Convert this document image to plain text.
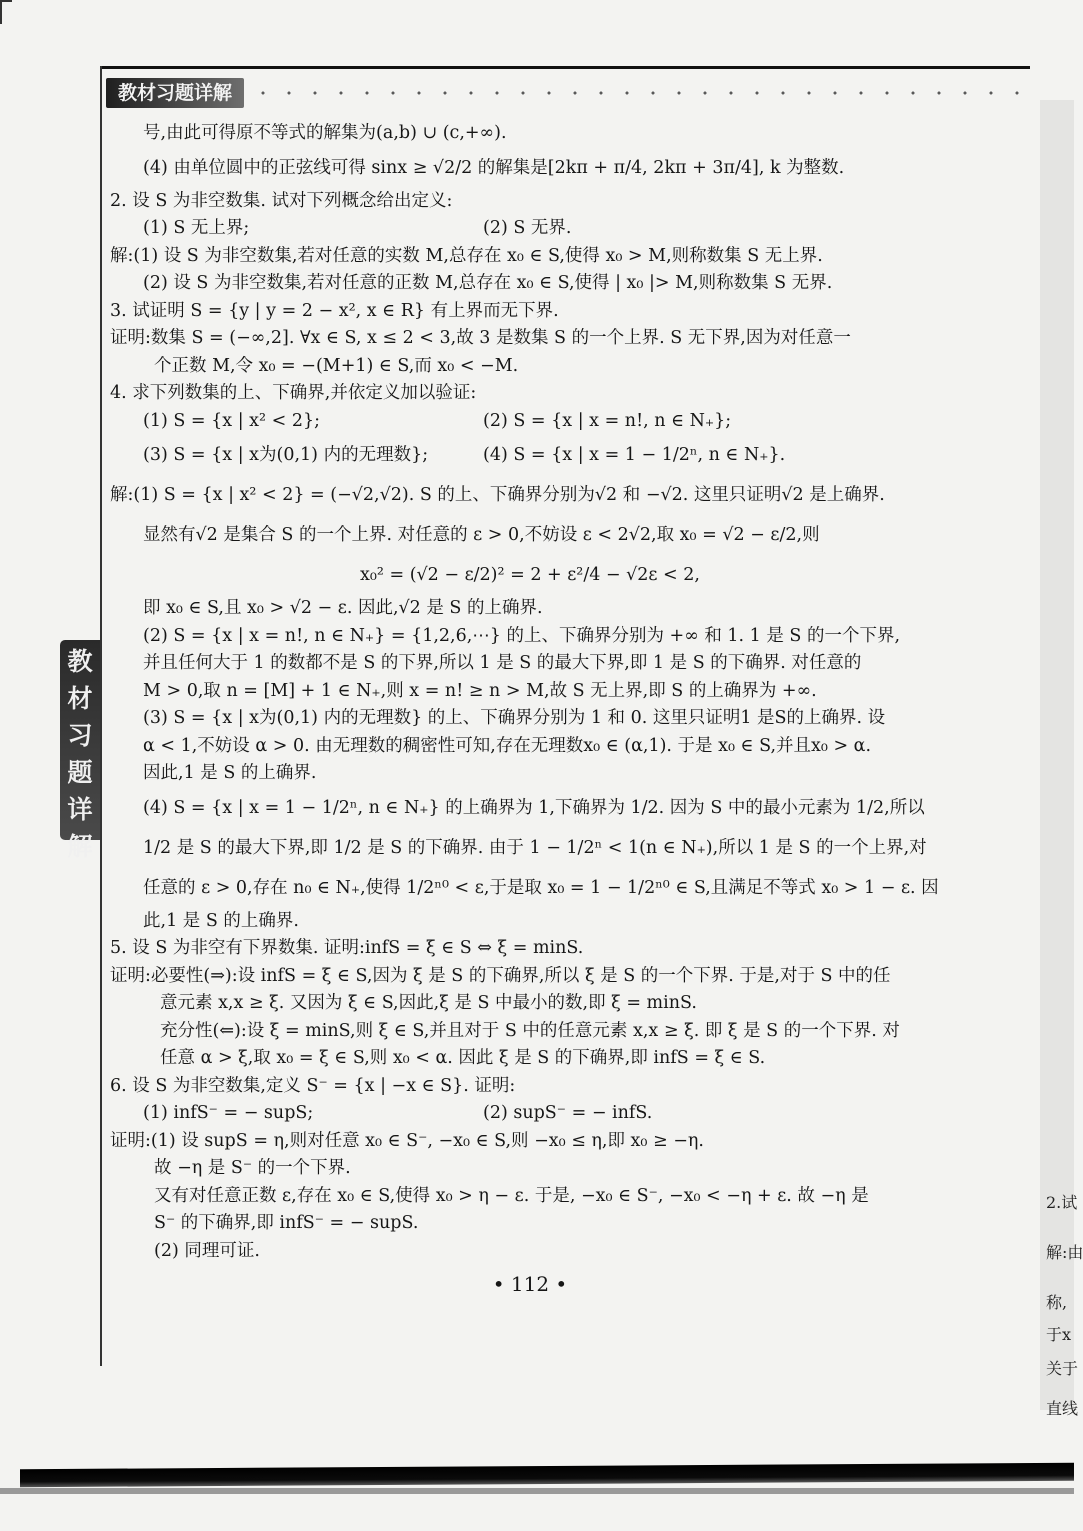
教材习题详解
教
材
习
题
详
解
2.试
解:由
称,
于x
关于
直线
号,由此可得原不等式的解集为(a,b) ∪ (c,+∞).
(4) 由单位圆中的正弦线可得 sinx ≥ √2/2 的解集是[2kπ + π/4, 2kπ + 3π/4], k 为整数.
2. 设 S 为非空数集. 试对下列概念给出定义:
(1) S 无上界;	(2) S 无界.
解:(1) 设 S 为非空数集,若对任意的实数 M,总存在 x₀ ∈ S,使得 x₀ > M,则称数集 S 无上界.
(2) 设 S 为非空数集,若对任意的正数 M,总存在 x₀ ∈ S,使得 | x₀ |> M,则称数集 S 无界.
3. 试证明 S = {y | y = 2 − x², x ∈ R} 有上界而无下界.
证明:数集 S = (−∞,2]. ∀x ∈ S, x ≤ 2 < 3,故 3 是数集 S 的一个上界. S 无下界,因为对任意一
个正数 M,令 x₀ = −(M+1) ∈ S,而 x₀ < −M.
4. 求下列数集的上、下确界,并依定义加以验证:
(1) S = {x | x² < 2};	(2) S = {x | x = n!, n ∈ N₊};
(3) S = {x | x为(0,1) 内的无理数};	(4) S = {x | x = 1 − 1/2ⁿ, n ∈ N₊}.
解:(1) S = {x | x² < 2} = (−√2,√2). S 的上、下确界分别为√2 和 −√2. 这里只证明√2 是上确界.
显然有√2 是集合 S 的一个上界. 对任意的 ε > 0,不妨设 ε < 2√2,取 x₀ = √2 − ε/2,则
x₀² = (√2 − ε/2)² = 2 + ε²/4 − √2ε < 2,
即 x₀ ∈ S,且 x₀ > √2 − ε. 因此,√2 是 S 的上确界.
(2) S = {x | x = n!, n ∈ N₊} = {1,2,6,⋯} 的上、下确界分别为 +∞ 和 1. 1 是 S 的一个下界,
并且任何大于 1 的数都不是 S 的下界,所以 1 是 S 的最大下界,即 1 是 S 的下确界. 对任意的
M > 0,取 n = [M] + 1 ∈ N₊,则 x = n! ≥ n > M,故 S 无上界,即 S 的上确界为 +∞.
(3) S = {x | x为(0,1) 内的无理数} 的上、下确界分别为 1 和 0. 这里只证明1 是S的上确界. 设
α < 1,不妨设 α > 0. 由无理数的稠密性可知,存在无理数x₀ ∈ (α,1). 于是 x₀ ∈ S,并且x₀ > α.
因此,1 是 S 的上确界.
(4) S = {x | x = 1 − 1/2ⁿ, n ∈ N₊} 的上确界为 1,下确界为 1/2. 因为 S 中的最小元素为 1/2,所以
1/2 是 S 的最大下界,即 1/2 是 S 的下确界. 由于 1 − 1/2ⁿ < 1(n ∈ N₊),所以 1 是 S 的一个上界,对
任意的 ε > 0,存在 n₀ ∈ N₊,使得 1/2ⁿ⁰ < ε,于是取 x₀ = 1 − 1/2ⁿ⁰ ∈ S,且满足不等式 x₀ > 1 − ε. 因
此,1 是 S 的上确界.
5. 设 S 为非空有下界数集. 证明:infS = ξ ∈ S ⇔ ξ = minS.
证明:必要性(⇒):设 infS = ξ ∈ S,因为 ξ 是 S 的下确界,所以 ξ 是 S 的一个下界. 于是,对于 S 中的任
意元素 x,x ≥ ξ. 又因为 ξ ∈ S,因此,ξ 是 S 中最小的数,即 ξ = minS.
充分性(⇐):设 ξ = minS,则 ξ ∈ S,并且对于 S 中的任意元素 x,x ≥ ξ. 即 ξ 是 S 的一个下界. 对
任意 α > ξ,取 x₀ = ξ ∈ S,则 x₀ < α. 因此 ξ 是 S 的下确界,即 infS = ξ ∈ S.
6. 设 S 为非空数集,定义 S⁻ = {x | −x ∈ S}. 证明:
(1) infS⁻ = − supS;	(2) supS⁻ = − infS.
证明:(1) 设 supS = η,则对任意 x₀ ∈ S⁻, −x₀ ∈ S,则 −x₀ ≤ η,即 x₀ ≥ −η.
故 −η 是 S⁻ 的一个下界.
又有对任意正数 ε,存在 x₀ ∈ S,使得 x₀ > η − ε. 于是, −x₀ ∈ S⁻, −x₀ < −η + ε. 故 −η 是
S⁻ 的下确界,即 infS⁻ = − supS.
(2) 同理可证.
• 112 •
